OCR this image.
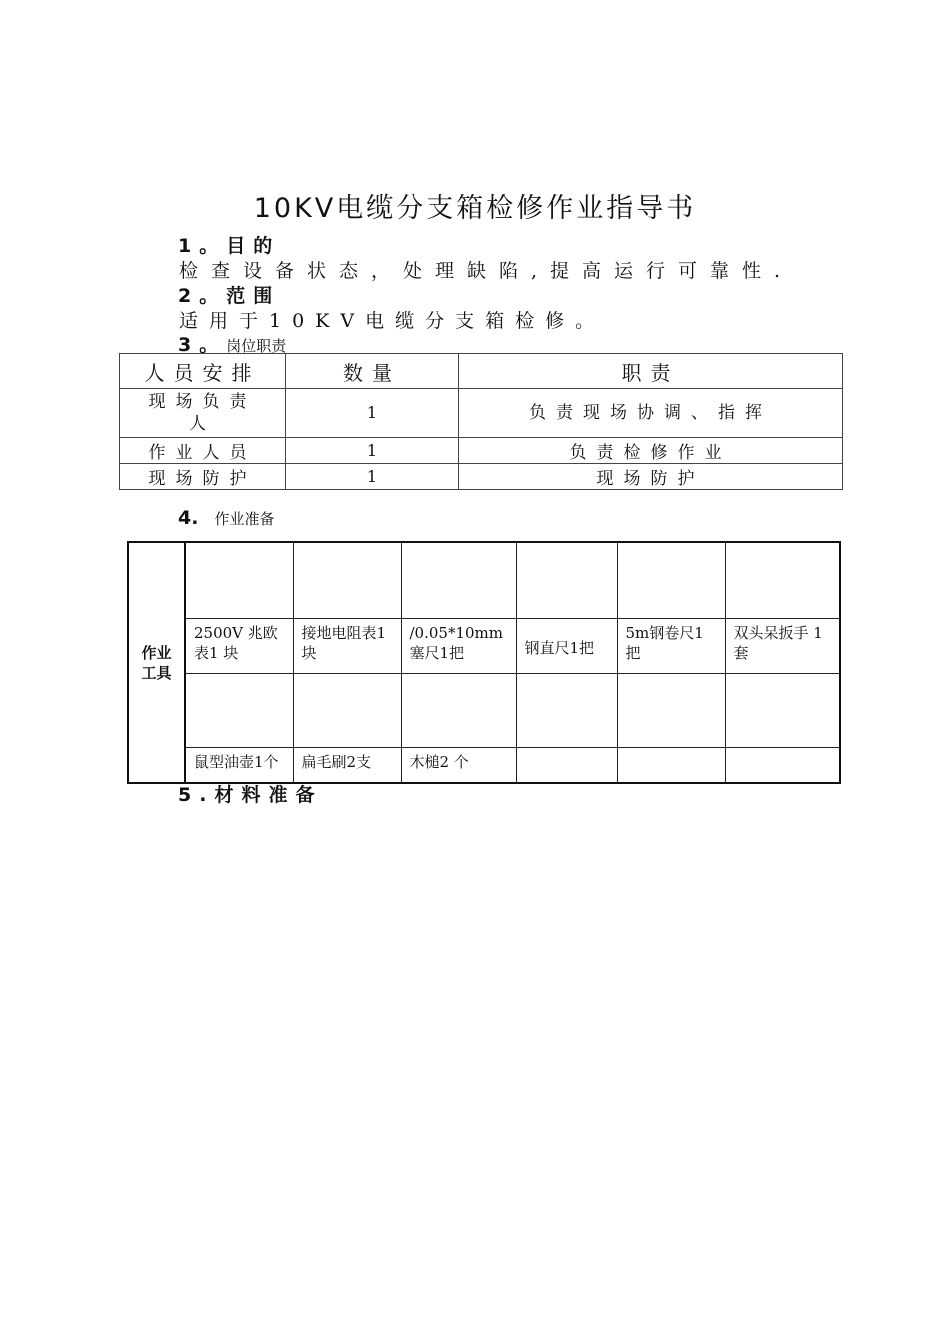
10KV电缆分支箱检修作业指导书
1。目的
检查设备状态，处理缺陷,提高运行可靠性.
2。范围
适用于10KV电缆分支箱检修。
3。岗位职责
人员安排	数量	职责

现场负责
人	1	负责现场协调、指挥
作业人员	1	负责检修作业
现场防护	1	现场防护
4. 作业准备
作业
工具						

	2500V 兆欧表1 块	接地电阻表1块	/0.05*10mm 塞尺1把	钢直尺1把	5m钢卷尺1把	双头呆扳手 1套

	鼠型油壶1个	扁毛刷2支	木槌2 个			
5.材料准备
